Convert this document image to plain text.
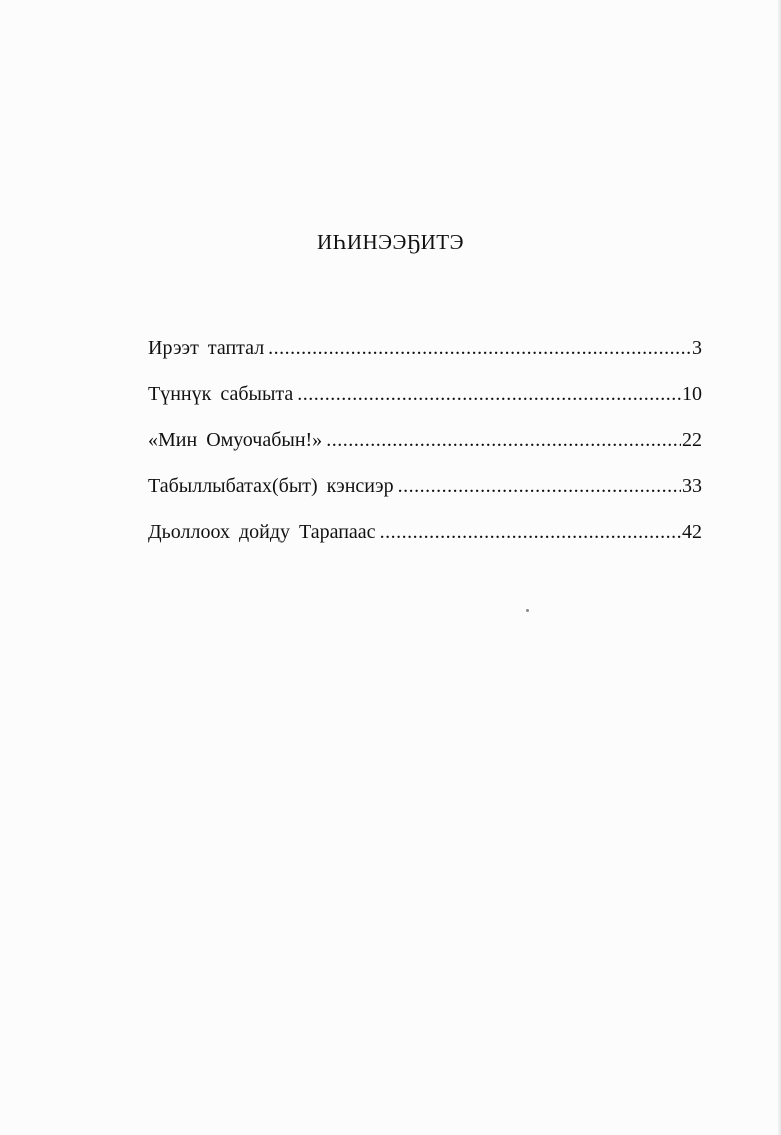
ИҺИНЭЭҔИТЭ
Ирээт таптал .....	3
Түннүк сабыыта .....	10
«Мин Омуочабын!» .....	22
Табыллыбатах(быт) кэнсиэр .....	33
Дьоллоох дойду Тарапаас .....	42
